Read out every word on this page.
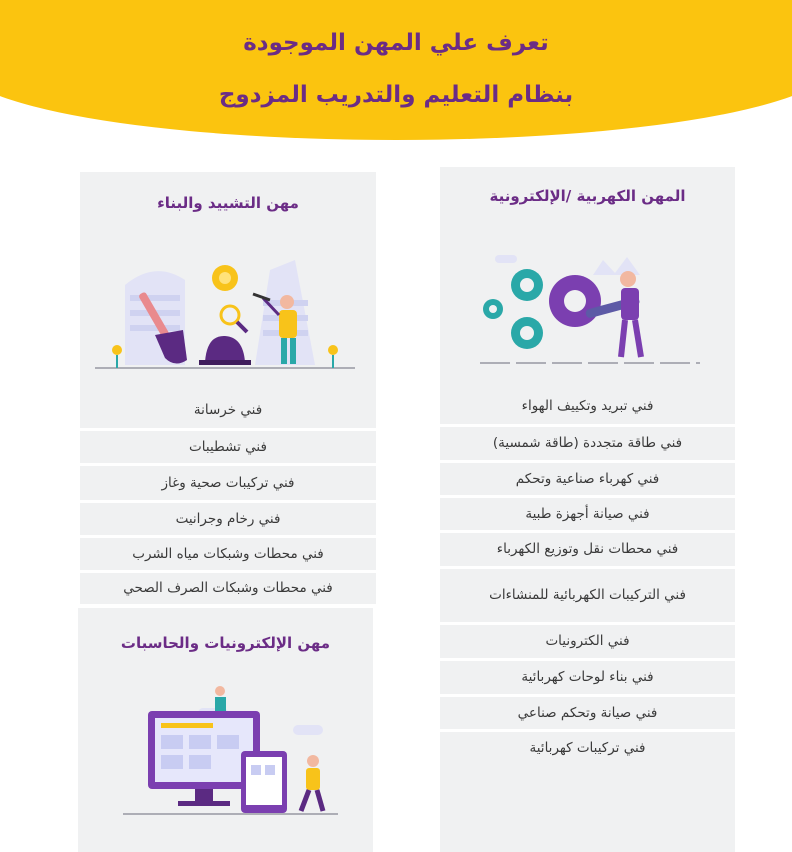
تعرف علي المهن الموجودة
بنظام التعليم والتدريب المزدوج
مهن التشييد والبناء
فني خرسانة
فني تشطيبات
فني تركيبات صحية وغاز
فني رخام وجرانيت
فني محطات وشبكات مياه الشرب
فني محطات وشبكات الصرف الصحي
مهن الإلكترونيات والحاسبات
المهن الكهربية /الإلكترونية
فني تبريد وتكييف الهواء
فني طاقة متجددة (طاقة شمسية)
فني كهرباء صناعية وتحكم
فني صيانة أجهزة طبية
فني محطات نقل وتوزيع الكهرباء
فني التركيبات الكهربائية للمنشاءات
فني الكترونيات
فني بناء لوحات كهربائية
فني صيانة وتحكم صناعي
فني تركيبات كهربائية
